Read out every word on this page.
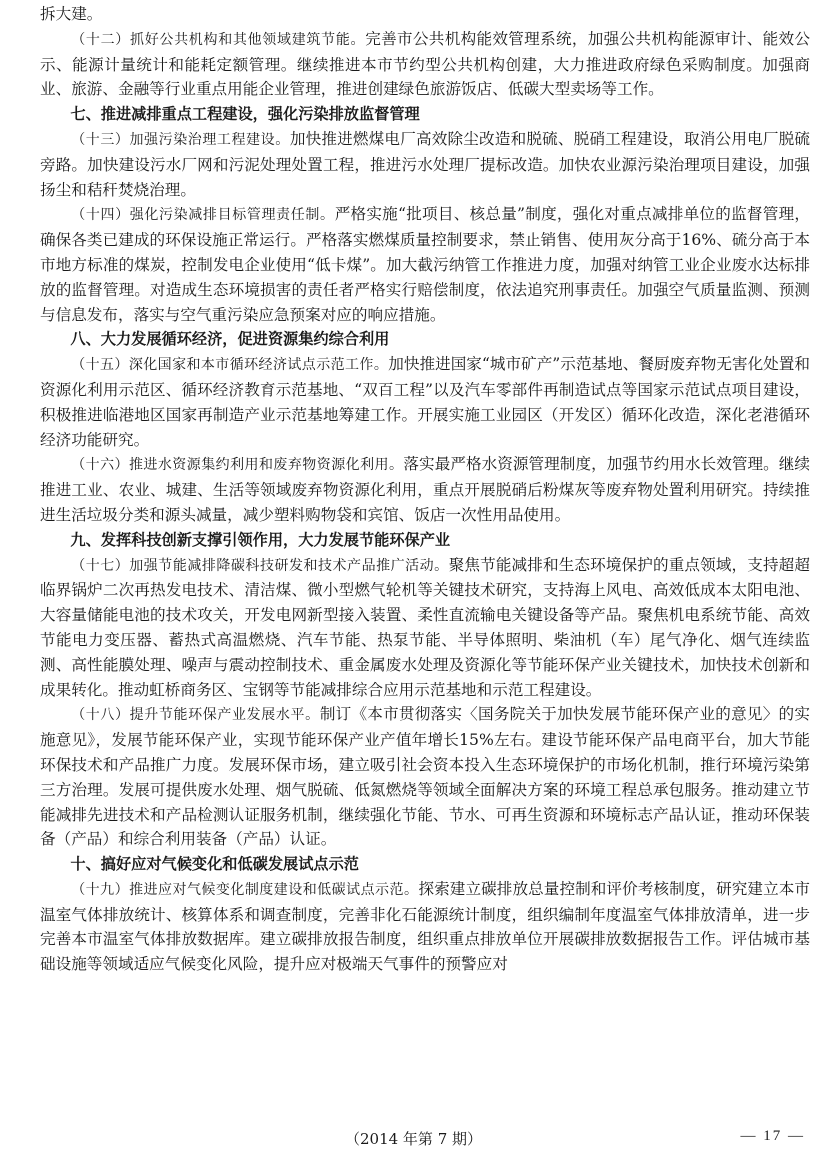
拆大建。

（十二）抓好公共机构和其他领域建筑节能。完善市公共机构能效管理系统，加强公共机构能源审计、能效公示、能源计量统计和能耗定额管理。继续推进本市节约型公共机构创建，大力推进政府绿色采购制度。加强商业、旅游、金融等行业重点用能企业管理，推进创建绿色旅游饭店、低碳大型卖场等工作。

七、推进减排重点工程建设，强化污染排放监督管理

（十三）加强污染治理工程建设。加快推进燃煤电厂高效除尘改造和脱硫、脱硝工程建设，取消公用电厂脱硫旁路。加快建设污水厂网和污泥处理处置工程，推进污水处理厂提标改造。加快农业源污染治理项目建设，加强扬尘和秸秆焚烧治理。

（十四）强化污染减排目标管理责任制。严格实施“批项目、核总量”制度，强化对重点减排单位的监督管理，确保各类已建成的环保设施正常运行。严格落实燃煤质量控制要求，禁止销售、使用灰分高于16%、硫分高于本市地方标准的煤炭，控制发电企业使用“低卡煤”。加大截污纳管工作推进力度，加强对纳管工业企业废水达标排放的监督管理。对造成生态环境损害的责任者严格实行赔偿制度，依法追究刑事责任。加强空气质量监测、预测与信息发布，落实与空气重污染应急预案对应的响应措施。

八、大力发展循环经济，促进资源集约综合利用

（十五）深化国家和本市循环经济试点示范工作。加快推进国家“城市矿产”示范基地、餐厨废弃物无害化处置和资源化利用示范区、循环经济教育示范基地、“双百工程”以及汽车零部件再制造试点等国家示范试点项目建设，积极推进临港地区国家再制造产业示范基地筹建工作。开展实施工业园区（开发区）循环化改造，深化老港循环经济功能研究。

（十六）推进水资源集约利用和废弃物资源化利用。落实最严格水资源管理制度，加强节约用水长效管理。继续推进工业、农业、城建、生活等领域废弃物资源化利用，重点开展脱硝后粉煤灰等废弃物处置利用研究。持续推进生活垃圾分类和源头减量，减少塑料购物袋和宾馆、饭店一次性用品使用。

九、发挥科技创新支撑引领作用，大力发展节能环保产业

（十七）加强节能减排降碳科技研发和技术产品推广活动。聚焦节能减排和生态环境保护的重点领域，支持超超临界锅炉二次再热发电技术、清洁煤、微小型燃气轮机等关键技术研究，支持海上风电、高效低成本太阳电池、大容量储能电池的技术攻关，开发电网新型接入装置、柔性直流输电关键设备等产品。聚焦机电系统节能、高效节能电力变压器、蓄热式高温燃烧、汽车节能、热泵节能、半导体照明、柴油机（车）尾气净化、烟气连续监测、高性能膜处理、噪声与震动控制技术、重金属废水处理及资源化等节能环保产业关键技术，加快技术创新和成果转化。推动虹桥商务区、宝钢等节能减排综合应用示范基地和示范工程建设。

（十八）提升节能环保产业发展水平。制订《本市贯彻落实〈国务院关于加快发展节能环保产业的意见〉的实施意见》，发展节能环保产业，实现节能环保产业产值年增长15%左右。建设节能环保产品电商平台，加大节能环保技术和产品推广力度。发展环保市场，建立吸引社会资本投入生态环境保护的市场化机制，推行环境污染第三方治理。发展可提供废水处理、烟气脱硫、低氮燃烧等领域全面解决方案的环境工程总承包服务。推动建立节能减排先进技术和产品检测认证服务机制，继续强化节能、节水、可再生资源和环境标志产品认证，推动环保装备（产品）和综合利用装备（产品）认证。

十、搞好应对气候变化和低碳发展试点示范

（十九）推进应对气候变化制度建设和低碳试点示范。探索建立碳排放总量控制和评价考核制度，研究建立本市温室气体排放统计、核算体系和调查制度，完善非化石能源统计制度，组织编制年度温室气体排放清单，进一步完善本市温室气体排放数据库。建立碳排放报告制度，组织重点排放单位开展碳排放数据报告工作。评估城市基础设施等领域适应气候变化风险，提升应对极端天气事件的预警应对

（2014 年第 7 期）	— 17 —
